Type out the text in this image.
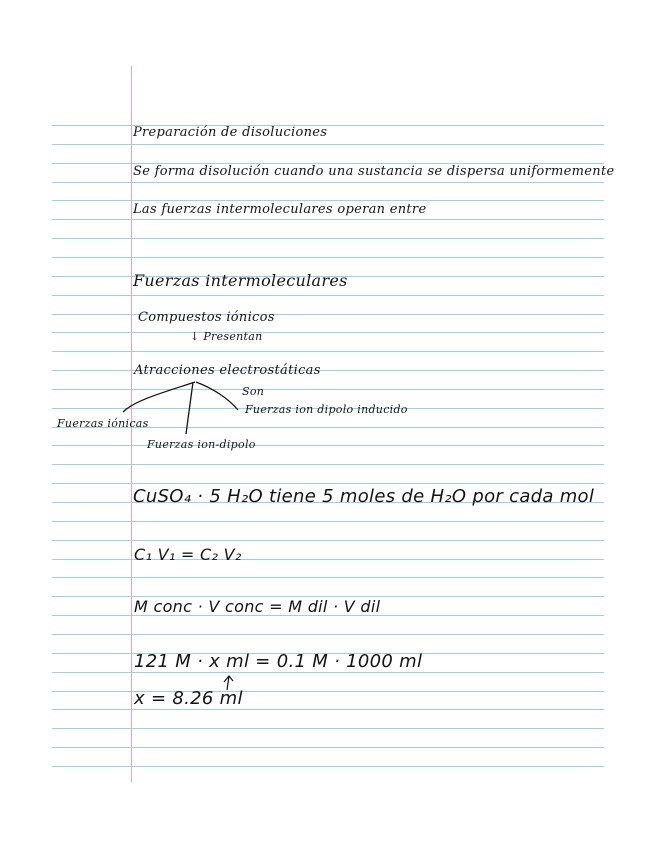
Preparación de disoluciones
Se forma disolución cuando una sustancia se dispersa uniformemente
Las fuerzas intermoleculares operan entre
Fuerzas intermoleculares
Compuestos iónicos
↓ Presentan
Atracciones electrostáticas
Son
Fuerzas ion dipolo inducido
Fuerzas iónicas
Fuerzas ion-dipolo
CuSO₄ · 5 H₂O tiene 5 moles de H₂O por cada mol
C₁ V₁ = C₂ V₂
M conc · V conc = M dil · V dil
121 M · x ml = 0.1 M · 1000 ml
x = 8.26 ml
